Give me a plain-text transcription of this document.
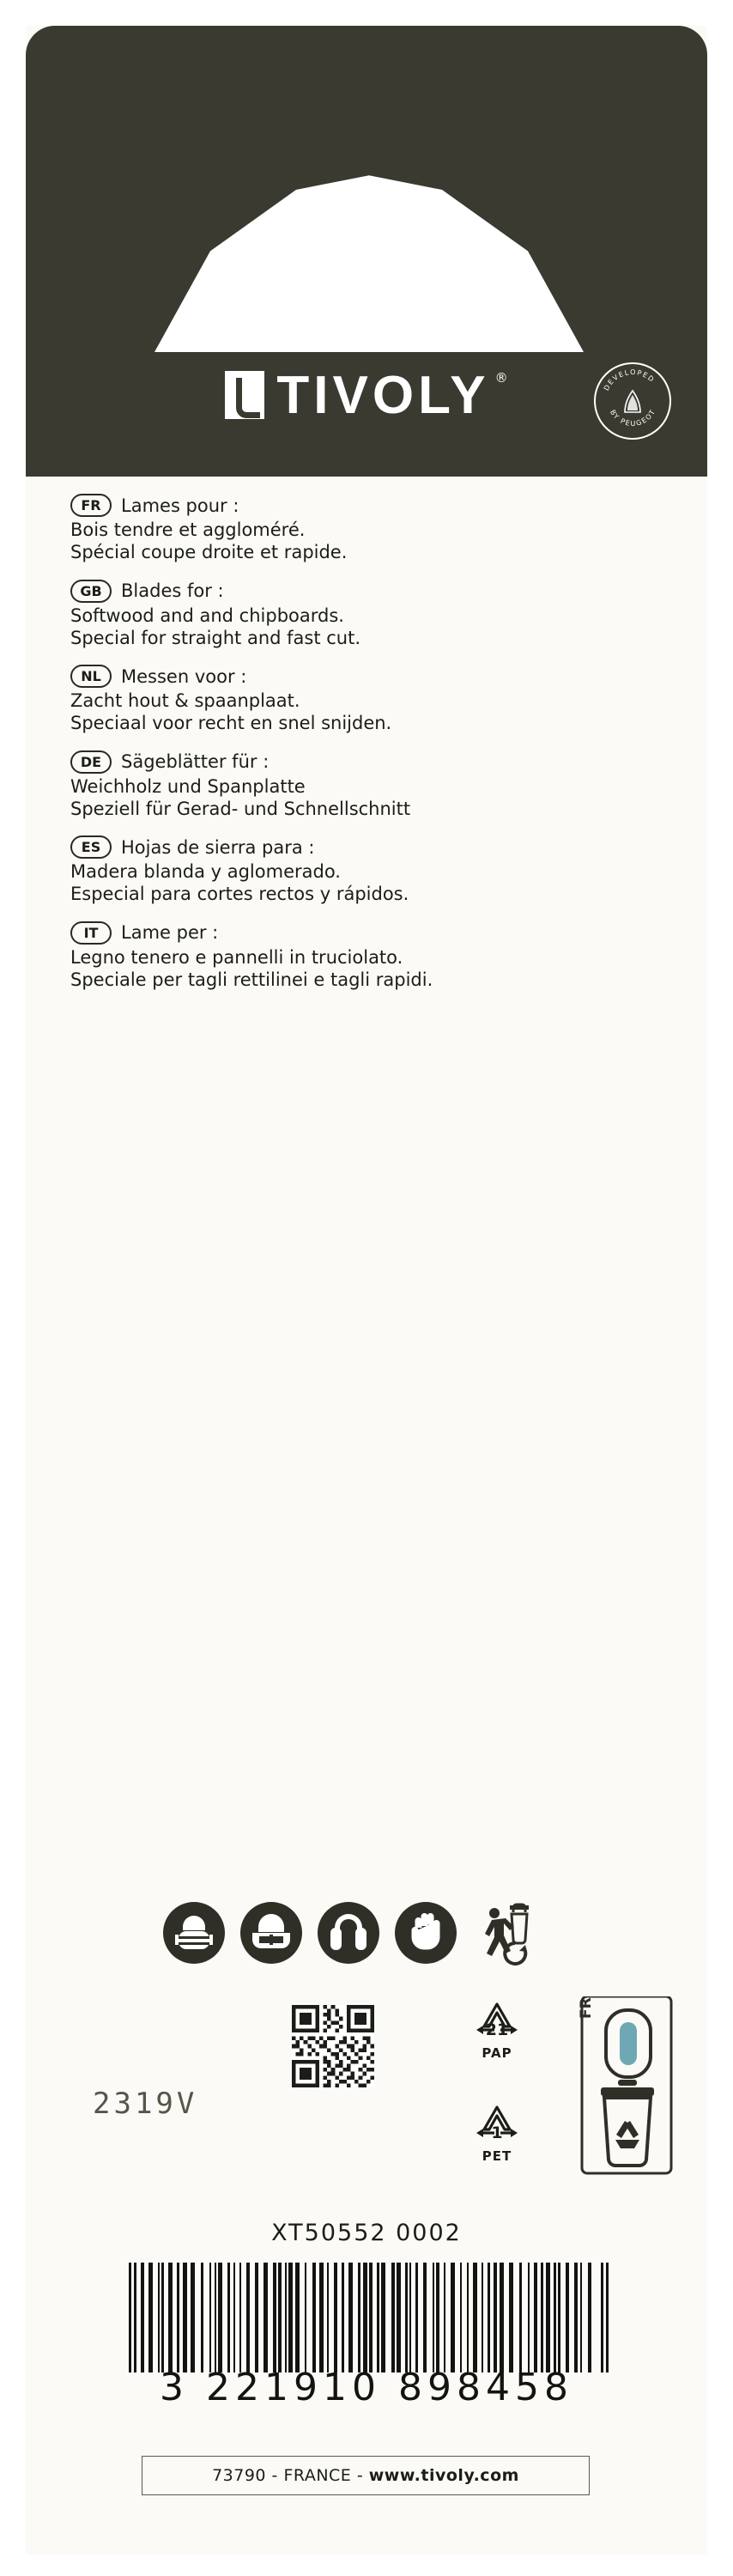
TIVOLY ®
DEVELOPED
BY PEUGEOT
FR	Lames pour :
Bois tendre et aggloméré.
Spécial coupe droite et rapide.
GB	Blades for :
Softwood and and chipboards.
Special for straight and fast cut.
NL	Messen voor :
Zacht hout & spaanplaat.
Speciaal voor recht en snel snijden.
DE	Sägeblätter für :
Weichholz und Spanplatte
Speziell für Gerad- und Schnellschnitt
ES	Hojas de sierra para :
Madera blanda y aglomerado.
Especial para cortes rectos y rápidos.
IT	Lame per :
Legno tenero e pannelli in truciolato.
Speciale per tagli rettilinei e tagli rapidi.
2319V
21
PAP
1
PET
FR
XT50552 0002
3 221910 898458
73790 - FRANCE - www.tivoly.com
